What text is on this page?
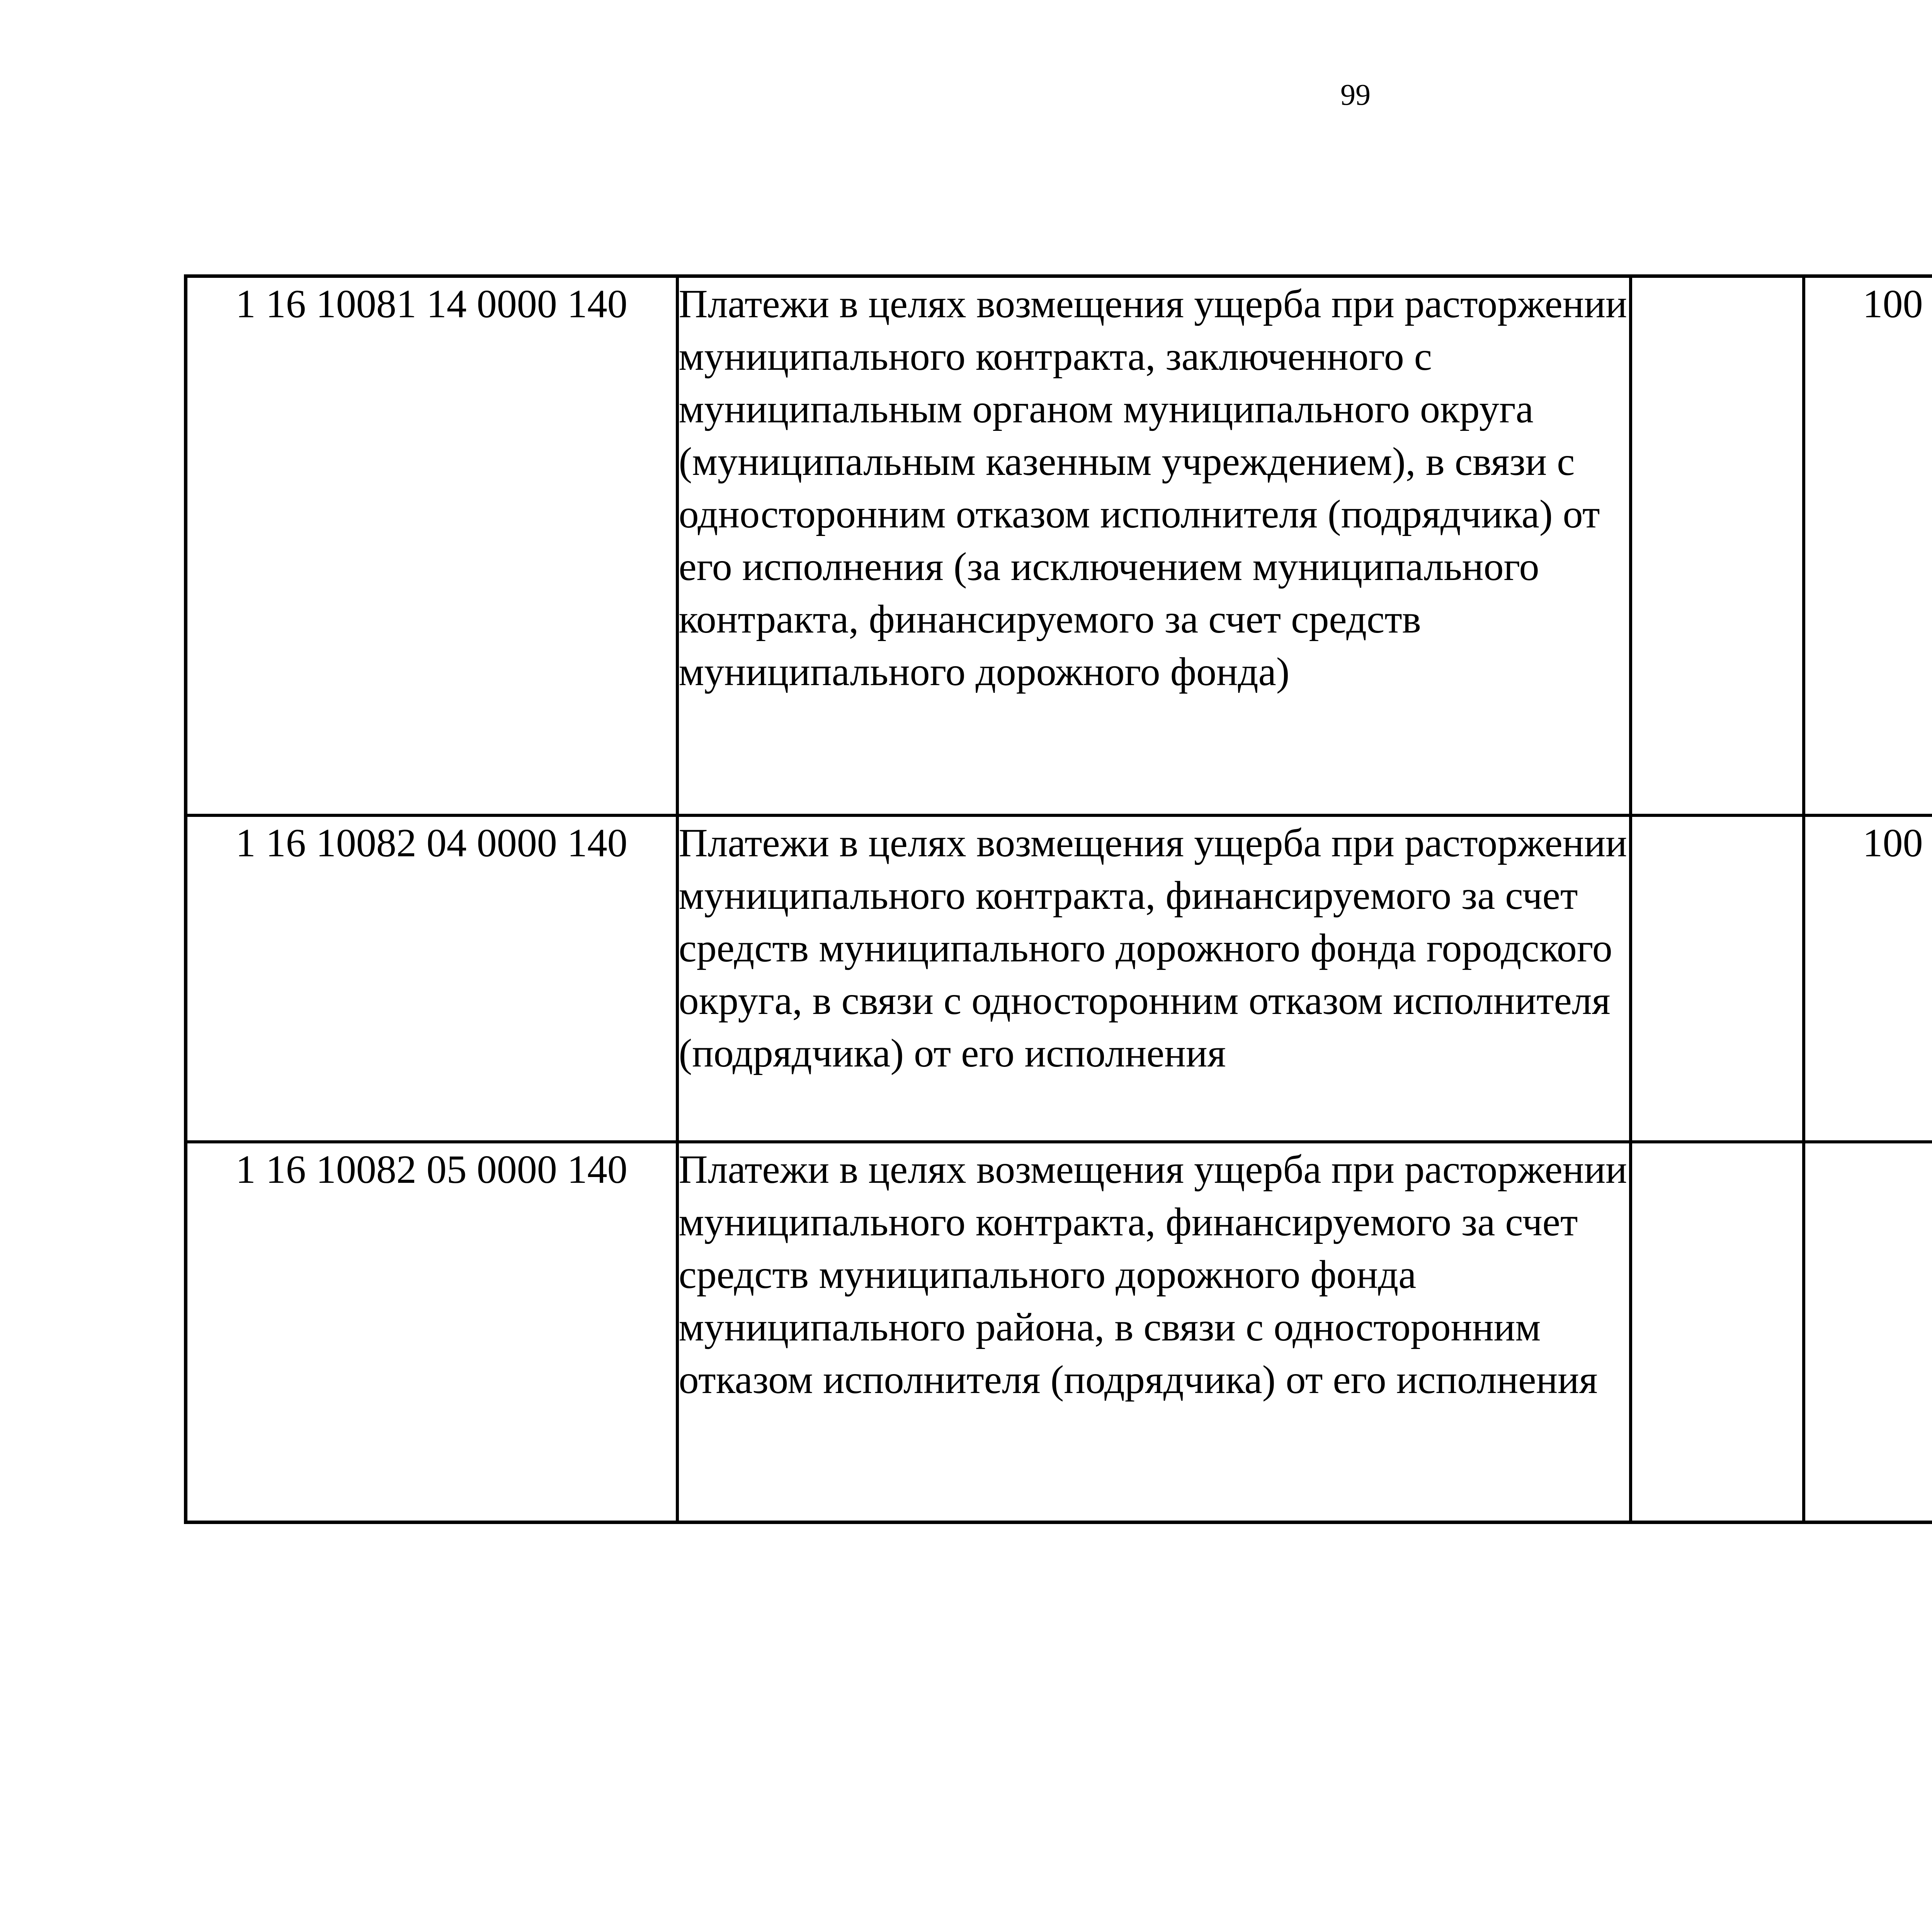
99
1 16 10081 14 0000 140	Платежи в целях возмещения ущерба при расторжении муниципального контракта, заключенного с муниципальным органом муниципального округа (муниципальным казенным учреждением), в связи с односторонним отказом исполнителя (подрядчика) от его исполнения (за исключением муниципального контракта, финансируемого за счет средств муниципального дорожного фонда)		100			
1 16 10082 04 0000 140	Платежи в целях возмещения ущерба при расторжении муниципального контракта, финансируемого за счет средств муниципального дорожного фонда городского округа, в связи с односторонним отказом исполнителя (подрядчика) от его исполнения		100			
1 16 10082 05 0000 140	Платежи в целях возмещения ущерба при расторжении муниципального контракта, финансируемого за счет средств муниципального дорожного фонда муниципального района, в связи с односторонним отказом исполнителя (подрядчика) от его исполнения					
